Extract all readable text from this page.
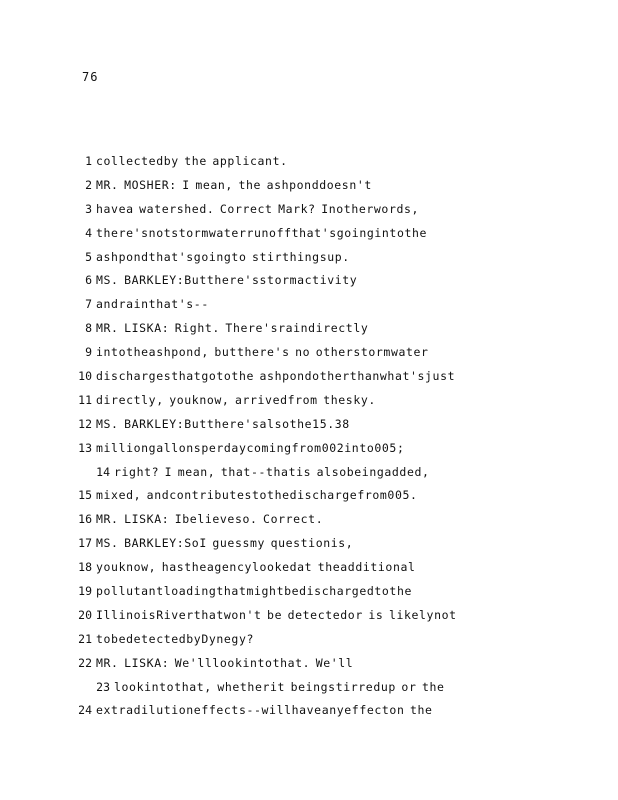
76
1 collectedby the applicant.
2 MR. MOSHER: I mean, the ashponddoesn't
3 havea watershed. Correct Mark? Inotherwords,
4 there'snotstormwaterrunoffthat'sgoingintothe
5 ashpondthat'sgoingto stirthingsup.
6 MS. BARKLEY:Butthere'sstormactivity
7 andrainthat's--
8 MR. LISKA: Right. There'sraindirectly
9 intotheashpond, butthere's no otherstormwater
10 dischargesthatgotothe ashpondotherthanwhat'sjust
11 directly, youknow, arrivedfrom thesky.
12 MS. BARKLEY:Butthere'salsothe15.38
13 milliongallonsperdaycomingfrom002into005;
14 right? I mean, that--thatis alsobeingadded,
15 mixed, andcontributestothedischargefrom005.
16 MR. LISKA: Ibelieveso. Correct.
17 MS. BARKLEY:SoI guessmy questionis,
18 youknow, hastheagencylookedat theadditional
19 pollutantloadingthatmightbedischargedtothe
20 IllinoisRiverthatwon't be detectedor is likelynot
21 tobedetectedbyDynegy?
22 MR. LISKA: We'lllookintothat. We'll
23 lookintothat, whetherit beingstirredup or the
24 extradilutioneffects--willhaveanyeffecton the
